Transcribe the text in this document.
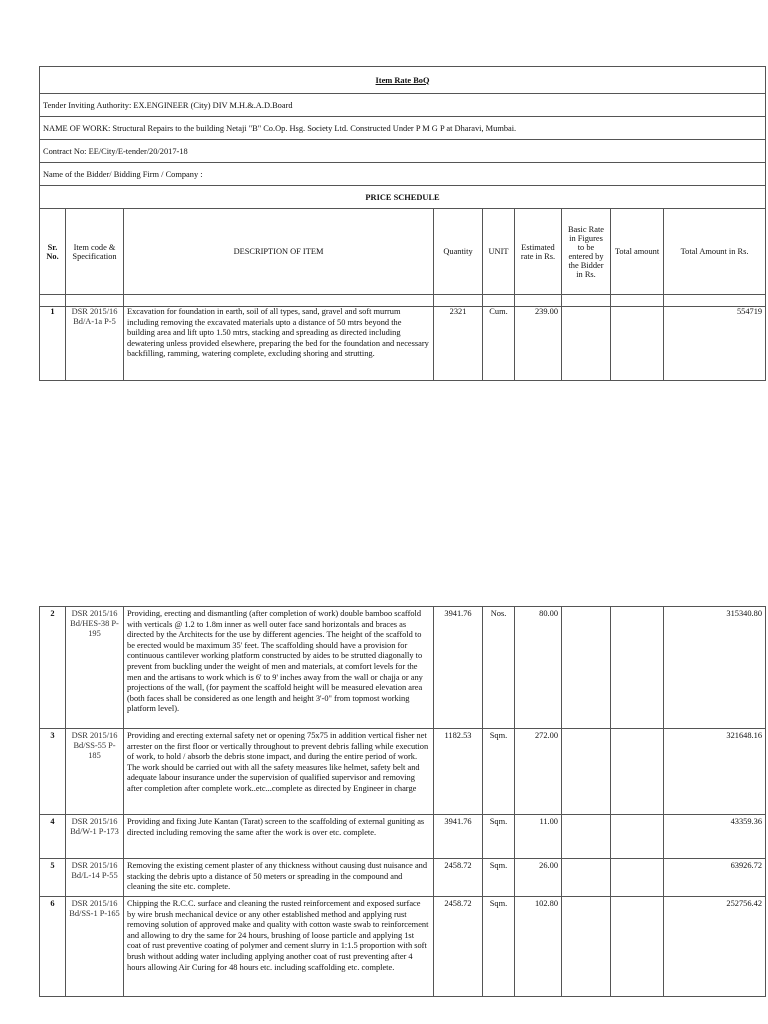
Item Rate BoQ								
Tender Inviting Authority: EX.ENGINEER (City) DIV M.H.&.A.D.Board								
NAME OF WORK: Structural Repairs to the building Netaji "B" Co.Op. Hsg. Society Ltd. Constructed Under P M G P at Dharavi, Mumbai.								
Contract No: EE/City/E-tender/20/2017-18								
Name of the Bidder/ Bidding Firm / Company :								
PRICE SCHEDULE								
Sr. No.	Item code & Specification	DESCRIPTION OF ITEM	Quantity	UNIT	Estimated rate in Rs.	Basic Rate in Figures to be entered by the Bidder in Rs.	Total amount	Total Amount in Rs.

1	DSR 2015/16 Bd/A-1a P-5	Excavation for foundation in earth, soil of all types, sand, gravel and soft murrum including removing the excavated materials upto a distance of 50 mtrs beyond the building area and lift upto 1.50 mtrs, stacking and spreading as directed including dewatering unless provided elsewhere, preparing the bed for the foundation and necessary backfilling, ramming, watering complete, excluding shoring and strutting.	2321	Cum.	239.00			554719
2	DSR 2015/16 Bd/HES-38 P-195	Providing, erecting and dismantling (after completion of work) double bamboo scaffold with verticals @ 1.2 to 1.8m inner as well outer face sand horizontals and braces as directed by the Architects for the use by different agencies. The height of the scaffold to be erected would be maximum 35' feet. The scaffolding should have a provision for continuous cantilever working platform constructed by aides to be strutted diagonally to prevent from buckling under the weight of men and materials, at comfort levels for the men and the artisans to work which is 6' to 9' inches away from the wall or chajja or any projections of the wall, (for payment the scaffold height will be measured elevation area (both faces shall be considered as one length and height 3'-0" from topmost working platform level).	3941.76	Nos.	80.00			315340.80
3	DSR 2015/16 Bd/SS-55 P-185	Providing and erecting external safety net or opening 75x75 in addition vertical fisher net arrester on the first floor or vertically throughout to prevent debris falling while execution of work, to hold / absorb the debris stone impact, and during the entire period of work. The work should be carried out with all the safety measures like helmet, safety belt and adequate labour insurance under the supervision of qualified supervisor and removing after completion after complete work..etc...complete as directed by Engineer in charge	1182.53	Sqm.	272.00			321648.16
4	DSR 2015/16 Bd/W-1 P-173	Providing and fixing Jute Kantan (Tarat) screen to the scaffolding of external guniting as directed including removing the same after the work is over etc. complete.	3941.76	Sqm.	11.00			43359.36
5	DSR 2015/16 Bd/L-14 P-55	Removing the existing cement plaster of any thickness without causing dust nuisance and stacking the debris upto a distance of 50 meters or spreading in the compound and cleaning the site etc. complete.	2458.72	Sqm.	26.00			63926.72
6	DSR 2015/16 Bd/SS-1 P-165	Chipping the R.C.C. surface and cleaning the rusted reinforcement and exposed surface by wire brush mechanical device or any other established method and applying rust removing solution of approved make and quality with cotton waste swab to reinforcement and allowing to dry the same for 24 hours, brushing of loose particle and applying 1st coat of rust preventive coating of polymer and cement slurry in 1:1.5 proportion with soft brush without adding water including applying another coat of rust preventing after 4 hours allowing Air Curing for 48 hours etc. including scaffolding etc. complete.	2458.72	Sqm.	102.80			252756.42
